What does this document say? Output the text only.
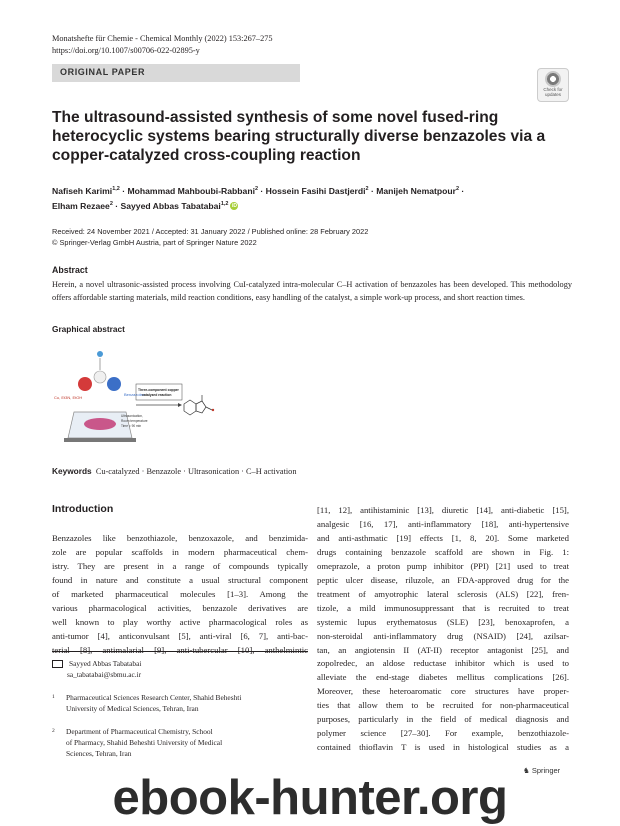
Monatshefte für Chemie - Chemical Monthly (2022) 153:267–275
https://doi.org/10.1007/s00706-022-02895-y
ORIGINAL PAPER
Check for
updates
The ultrasound-assisted synthesis of some novel fused-ring heterocyclic systems bearing structurally diverse benzazoles via a copper-catalyzed cross-coupling reaction
Nafiseh Karimi$^{1,2}$ · Mohammad Mahboubi-Rabbani$^2$ · Hossein Fasihi Dastjerdi$^2$ · Manijeh Nematpour$^2$ ·
Elham Rezaee$^2$ · Sayyed Abbas Tabatabai$^{1,2}$ iD
Received: 24 November 2021 / Accepted: 31 January 2022 / Published online: 28 February 2022
© Springer-Verlag GmbH Austria, part of Springer Nature 2022
Abstract
Herein, a novel ultrasonic-assisted process involving CuI-catalyzed intra-molecular C–H activation of benzazoles has been developed. This methodology offers affordable starting materials, mild reaction conditions, easy handling of the catalyst, a simple work-up process, and short reaction times.
Graphical abstract
Cu, Et3N, EtOH
Benzazoles
Ultrasonication,
Room temperature
Time = 90 min
Three-component copper
catalyzed reaction
Keywords Cu-catalyzed · Benzazole · Ultrasonication · C–H activation
Introduction

Benzazoles like benzothiazole, benzoxazole, and benzimida-

zole are popular scaffolds in modern pharmaceutical chem-

istry. They are present in a range of compounds typically

found in nature and constitute a usual structural component

of marketed pharmaceutical molecules [1–3]. Among the

various pharmacological activities, benzazole derivatives are

well known to play worthy active pharmacological roles as

anti-tumor [4], anticonvulsant [5], anti-viral [6, 7], anti-bac-

terial [8], antimalarial [9], anti-tubercular [10], anthelmintic

[11, 12], antihistaminic [13], diuretic [14], anti-diabetic [15],

analgesic [16, 17], anti-inflammatory [18], anti-hypertensive

and anti-asthmatic [19] effects [1, 8, 20]. Some marketed

drugs containing benzazole scaffold are shown in Fig. 1:

omeprazole, a proton pump inhibitor (PPI) [21] used to treat

peptic ulcer disease, riluzole, an FDA-approved drug for the

treatment of amyotrophic lateral sclerosis (ALS) [22], fren-

tizole, a mild immunosuppressant that is recruited to treat

systemic lupus erythematosus (SLE) [23], benoxaprofen, a

non-steroidal anti-inflammatory drug (NSAID) [24], azilsar-

tan, an angiotensin II (AT-II) receptor antagonist [25], and

zopolredec, an aldose reductase inhibitor which is used to

alleviate the end-stage diabetes mellitus complications [26].

Moreover, these heteroaromatic core structures have proper-

ties that allow them to be recruited for non-pharmaceutical

purposes, particularly in the field of medical diagnosis and

polymer science [27–30]. For example, benzothiazole-

contained thioflavin T is used in histological studies as a

Sayyed Abbas Tabatabai
sa_tabatabai@sbmu.ac.ir
1 Pharmaceutical Sciences Research Center, Shahid Beheshti
University of Medical Sciences, Tehran, Iran
2 Department of Pharmaceutical Chemistry, School
of Pharmacy, Shahid Beheshti University of Medical
Sciences, Tehran, Iran
♞ Springer
ebook-hunter.org
